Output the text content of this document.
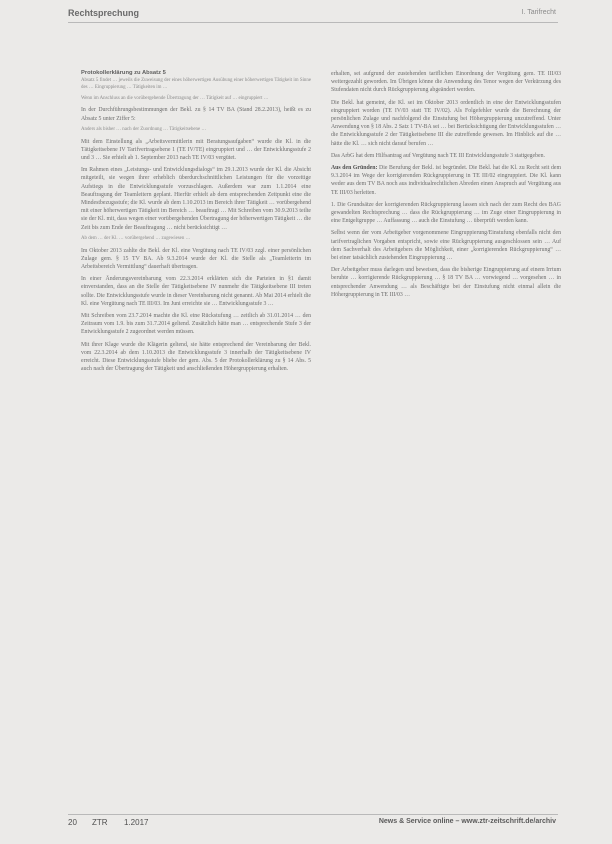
Rechtsprechung	I. Tarifrecht

Protokollerklärung zu Absatz 5

Absatz 5 findet … jeweils die Zuweisung der eines höherwertigen Ausübung einer höherwertigen Tätigkeit im Sinne des … Eingruppierung … Tätigkeiten im …

Wenn im Anschluss an die vorübergehende Übertragung der … Tätigkeit auf … eingruppiert …

In der Durchführungsbestimmungen der Bekl. zu § 14 TV BA (Stand 28.2.2013), heißt es zu Absatz 5 unter Ziffer 5:

Anders als bisher … nach der Zuordnung … Tätigkeitsebene …

Mit dem Einstellung als „Arbeitsvermittlerin mit Beratungsaufgaben“ wurde die Kl. in die Tätigkeitsebene IV Tarifvertragsebene 1 (TE IV/TE) eingruppiert und … der Entwicklungsstufe 2 und 3 … Sie erhielt ab 1. September 2013 nach TE IV/03 vergütet.

Im Rahmen eines „Leistungs- und Entwicklungsdialogs“ im 29.1.2013 wurde der Kl. die Absicht mitgeteilt, sie wegen ihrer erheblich überdurchschnittlichen Leistungen für die vorzeitige Aufstiegs in die Entwicklungsstufe vorzuschlagen. Außerdem war zum 1.1.2014 eine Beauftragung der Teamleitern geplant. Hierfür erhielt ab dem entsprechenden Zeitpunkt eine die Mindestbezugsstufe; die Kl. wurde ab dem 1.10.2013 im Bereich ihrer Tätigkeit … vorübergehend mit einer höherwertigen Tätigkeit im Bereich … beauftragt … Mit Schreiben vom 30.9.2013 teilte sie der Kl. mit, dass wegen einer vorübergehenden Übertragung der höherwertigen Tätigkeit … die Zeit bis zum Ende der Beauftragung … nicht berücksichtigt …

Ab dem … der Kl. … vorübergehend … zugewiesen …

Im Oktober 2013 zahlte die Bekl. der Kl. eine Vergütung nach TE IV/03 zzgl. einer persönlichen Zulage gem. § 15 TV BA. Ab 9.3.2014 wurde der Kl. die Stelle als „Teamleiterin im Arbeitsbereich Vermittlung“ dauerhaft übertragen.

In einer Änderungsvereinbarung vom 22.3.2014 erklärten sich die Parteien in §1 damit einverstanden, dass an die Stelle der Tätigkeitsebene IV nunmehr die Tätigkeitsebene III treten sollte. Die Entwicklungsstufe wurde in dieser Vereinbarung nicht genannt. Ab Mai 2014 erhielt die Kl. eine Vergütung nach TE III/03. Im Juni erreichte sie … Entwicklungsstufe 3 …

Mit Schreiben vom 23.7.2014 machte die Kl. eine Rückstufung … zeitlich ab 31.01.2014 … den Zeitraum vom 1.9. bis zum 31.7.2014 geltend. Zusätzlich hätte man … entsprechende Stufe 3 der Entwicklungsstufe 2 zugeordnet werden müssen.

Mit ihrer Klage wurde die Klägerin geltend, sie hätte entsprechend der Vereinbarung der Bekl. vom 22.3.2014 ab dem 1.10.2013 die Entwicklungsstufe 3 innerhalb der Tätigkeitsebene IV erreicht. Diese Entwicklungsstufe bliebe der gem. Abs. 5 der Protokollerklärung zu § 14 Abs. 5 auch nach der Übertragung der Tätigkeit und anschließenden Höhergruppierung erhalten.

erhalten, sei aufgrund der zustehenden tariflichen Einordnung der Vergütung gem. TE III/03 weitergezahlt geworden. Im Übrigen könne die Anwendung des Tenor wegen der Verkürzung des Stufendaten nicht durch Rückgruppierung abgeändert werden.

Die Bekl. hat gemeint, die Kl. sei im Oktober 2013 ordentlich in eine der Entwicklungsstufen eingruppiert worden (TE IV/03 statt TE IV/02). Als Folgefehler wurde die Berechnung der persönlichen Zulage und nachfolgend die Einstufung bei Höhergruppierung unzutreffend. Unter Anwendung von § 18 Abs. 2 Satz 1 TV-BA sei … bei Berücksichtigung der Entwicklungsstufen … die Entwicklungsstufe 2 der Tätigkeitsebene III die zutreffende gewesen. Im Hinblick auf die … hätte die Kl. … sich nicht darauf berufen …

Das ArbG hat dem Hilfsantrag auf Vergütung nach TE III Entwicklungsstufe 3 stattgegeben.

Aus den Gründen: Die Berufung der Bekl. ist begründet. Die Bekl. hat die Kl. zu Recht seit dem 9.3.2014 im Wege der korrigierenden Rückgruppierung in TE III/02 eingruppiert. Die Kl. kann weder aus dem TV BA noch aus individualrechtlichen Abreden einen Anspruch auf Vergütung aus TE III/03 herleiten.

1. Die Grundsätze der korrigierenden Rückgruppierung lassen sich nach der zum Recht des BAG gewandelten Rechtsprechung … dass die Rückgruppierung … im Zuge einer Eingruppierung in eine Entgeltgruppe … Auffassung … auch die Einstufung … überprüft werden kann.

Selbst wenn der vom Arbeitgeber vorgenommene Eingruppierung/Einstufung ebenfalls nicht den tarifvertraglichen Vorgaben entspricht, sowie eine Rückgruppierung ausgeschlossen sein … Auf dem Sachverhalt des Arbeitgebers die Möglichkeit, einer „korrigierenden Rückgruppierung“ … bei einer tatsächlich zustehenden Eingruppierung …

Der Arbeitgeber muss darlegen und beweisen, dass die bisherige Eingruppierung auf einem Irrtum beruhte … korrigierende Rückgruppierung … § 18 TV BA … vorwiegend … vorgesehen … in entsprechender Anwendung … als Beschäftigte bei der Einstufung nicht einmal allein die Höhergruppierung in TE III/03 …

20 ZTR 1.2017	News & Service online – www.ztr-zeitschrift.de/archiv
